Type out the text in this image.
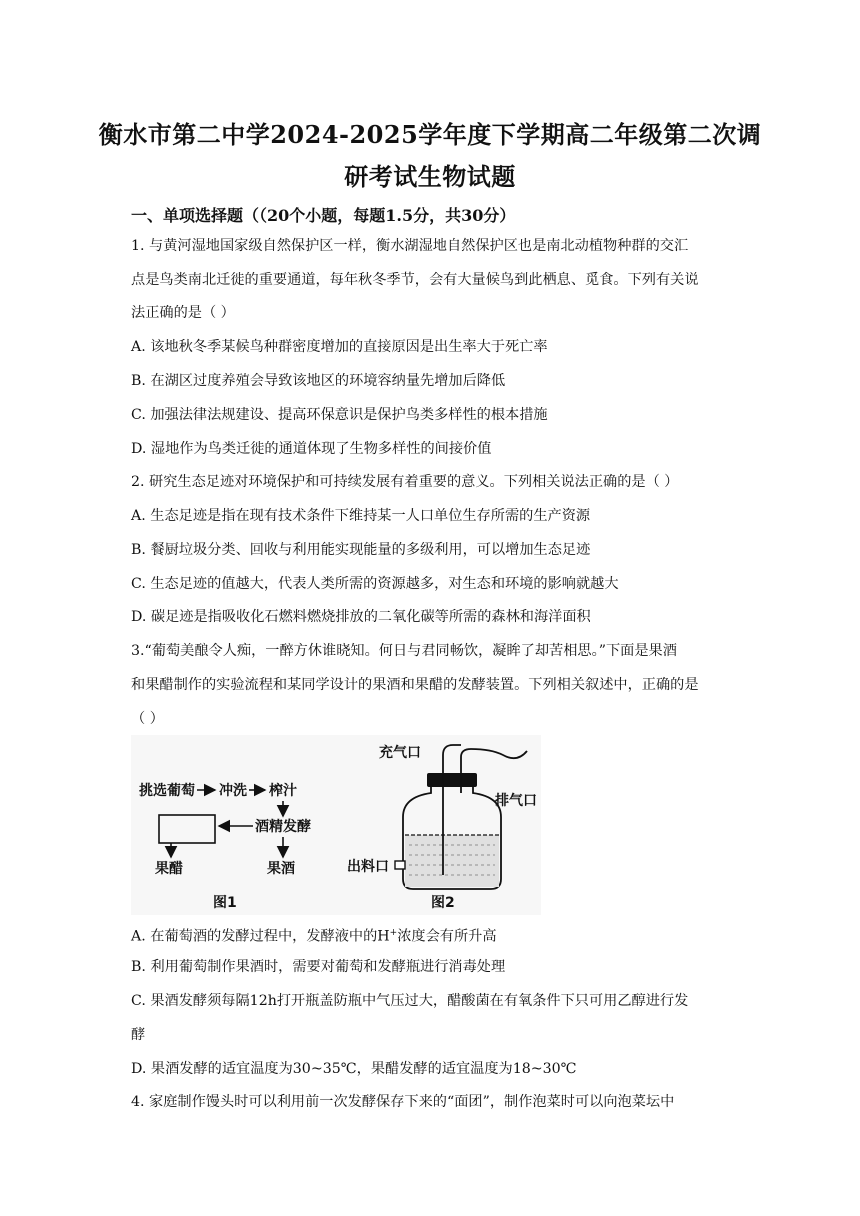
衡水市第二中学2024-2025学年度下学期高二年级第二次调
研考试生物试题
一、单项选择题（（20个小题，每题1.5分，共30分）
1. 与黄河湿地国家级自然保护区一样，衡水湖湿地自然保护区也是南北动植物种群的交汇
点是鸟类南北迁徙的重要通道，每年秋冬季节，会有大量候鸟到此栖息、觅食。下列有关说
法正确的是（ ）
A. 该地秋冬季某候鸟种群密度增加的直接原因是出生率大于死亡率
B. 在湖区过度养殖会导致该地区的环境容纳量先增加后降低
C. 加强法律法规建设、提高环保意识是保护鸟类多样性的根本措施
D. 湿地作为鸟类迁徙的通道体现了生物多样性的间接价值
2. 研究生态足迹对环境保护和可持续发展有着重要的意义。下列相关说法正确的是（ ）
A. 生态足迹是指在现有技术条件下维持某一人口单位生存所需的生产资源
B. 餐厨垃圾分类、回收与利用能实现能量的多级利用，可以增加生态足迹
C. 生态足迹的值越大，代表人类所需的资源越多，对生态和环境的影响就越大
D. 碳足迹是指吸收化石燃料燃烧排放的二氧化碳等所需的森林和海洋面积
3.“葡萄美酿令人痴，一醉方休谁晓知。何日与君同畅饮，凝眸了却苦相思。”下面是果酒
和果醋制作的实验流程和某同学设计的果酒和果醋的发酵装置。下列相关叙述中，正确的是
（ ）
挑选葡萄 冲洗 榨汁
酒精发酵
果醋	果酒
图1
充气口
排气口
出料口
图2
A. 在葡萄酒的发酵过程中，发酵液中的H+浓度会有所升高
B. 利用葡萄制作果酒时，需要对葡萄和发酵瓶进行消毒处理
C. 果酒发酵须每隔12h打开瓶盖防瓶中气压过大，醋酸菌在有氧条件下只可用乙醇进行发
酵
D. 果酒发酵的适宜温度为30~35℃，果醋发酵的适宜温度为18~30℃
4. 家庭制作馒头时可以利用前一次发酵保存下来的“面团”，制作泡菜时可以向泡菜坛中
